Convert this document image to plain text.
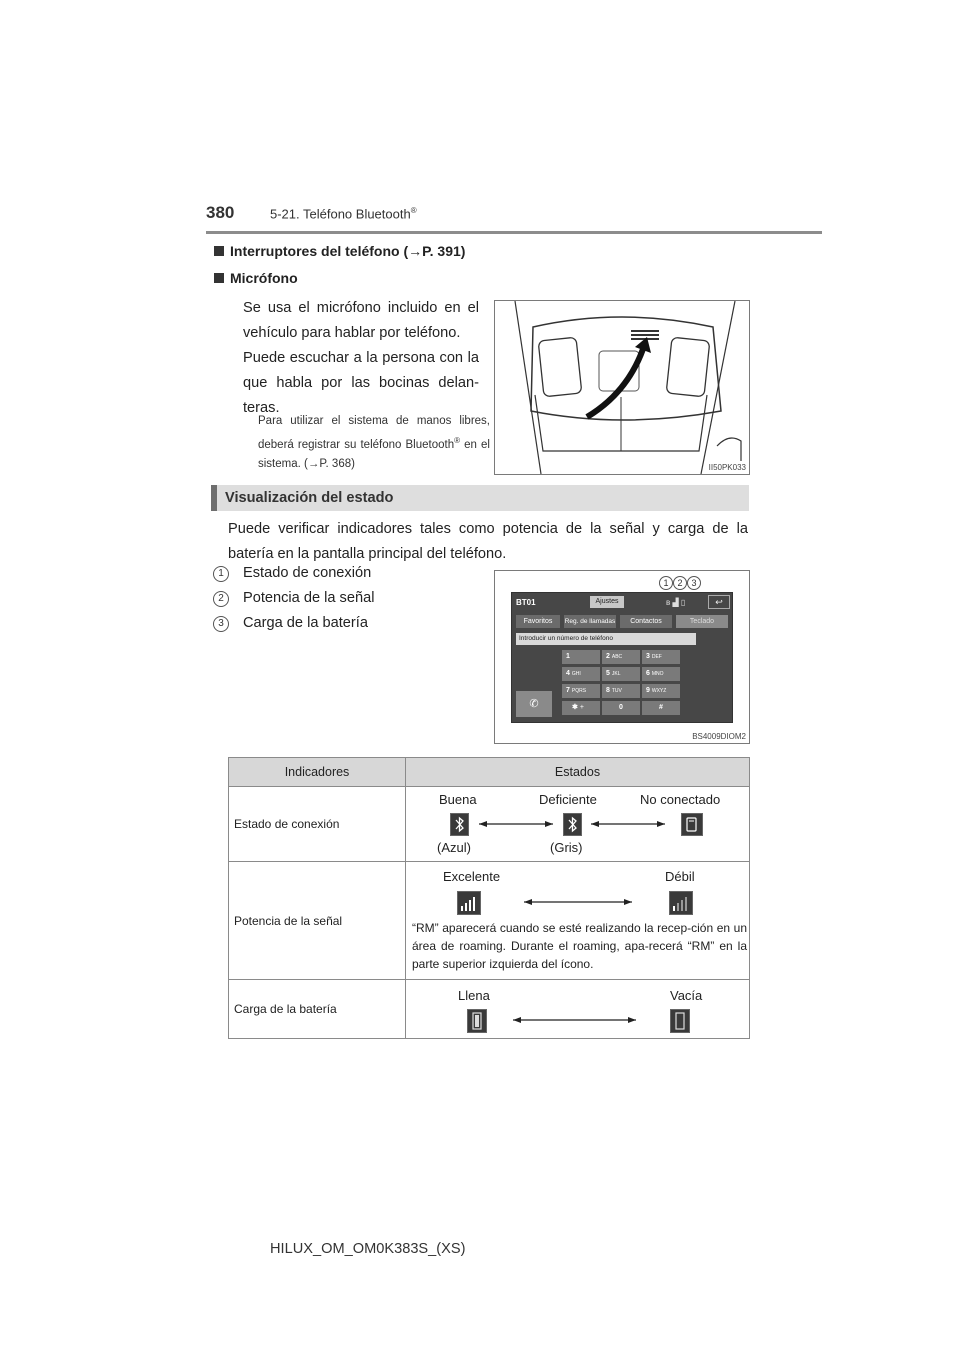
380	5-21. Teléfono Bluetooth®
Interruptores del teléfono (→P. 391)
Micrófono
Se usa el micrófono incluido en el vehículo para hablar por teléfono.
Puede escuchar a la persona con la que habla por las bocinas delan-teras.
Para utilizar el sistema de manos libres, deberá registrar su teléfono Bluetooth® en el sistema. (→P. 368)	II50PK033
Visualización del estado
Puede verificar indicadores tales como potencia de la señal y carga de la batería en la pantalla principal del teléfono.
1	Estado de conexión
2	Potencia de la señal
3	Carga de la batería
BT01	Ajustes	ʙ ▟ ▯	↩
Favoritos	Reg. de llamadas	Contactos	Teclado
Introducir un número de teléfono
✆
1	2 ABC	3 DEF
4 GHI	5 JKL	6 MNO
7 PQRS	8 TUV	9 WXYZ
✱ +	0	#
1 2 3
BS4009DIOM2
Indicadores	Estados
Estado de conexión	Buena Deficiente No conectado
(Azul) (Gris)

Potencia de la señal	Excelente Débil
“RM” aparecerá cuando se esté realizando la recep-ción en un área de roaming. Durante el roaming, apa-recerá “RM” en la parte superior izquierda del ícono.

Carga de la batería	Llena Vacía
HILUX_OM_OM0K383S_(XS)
